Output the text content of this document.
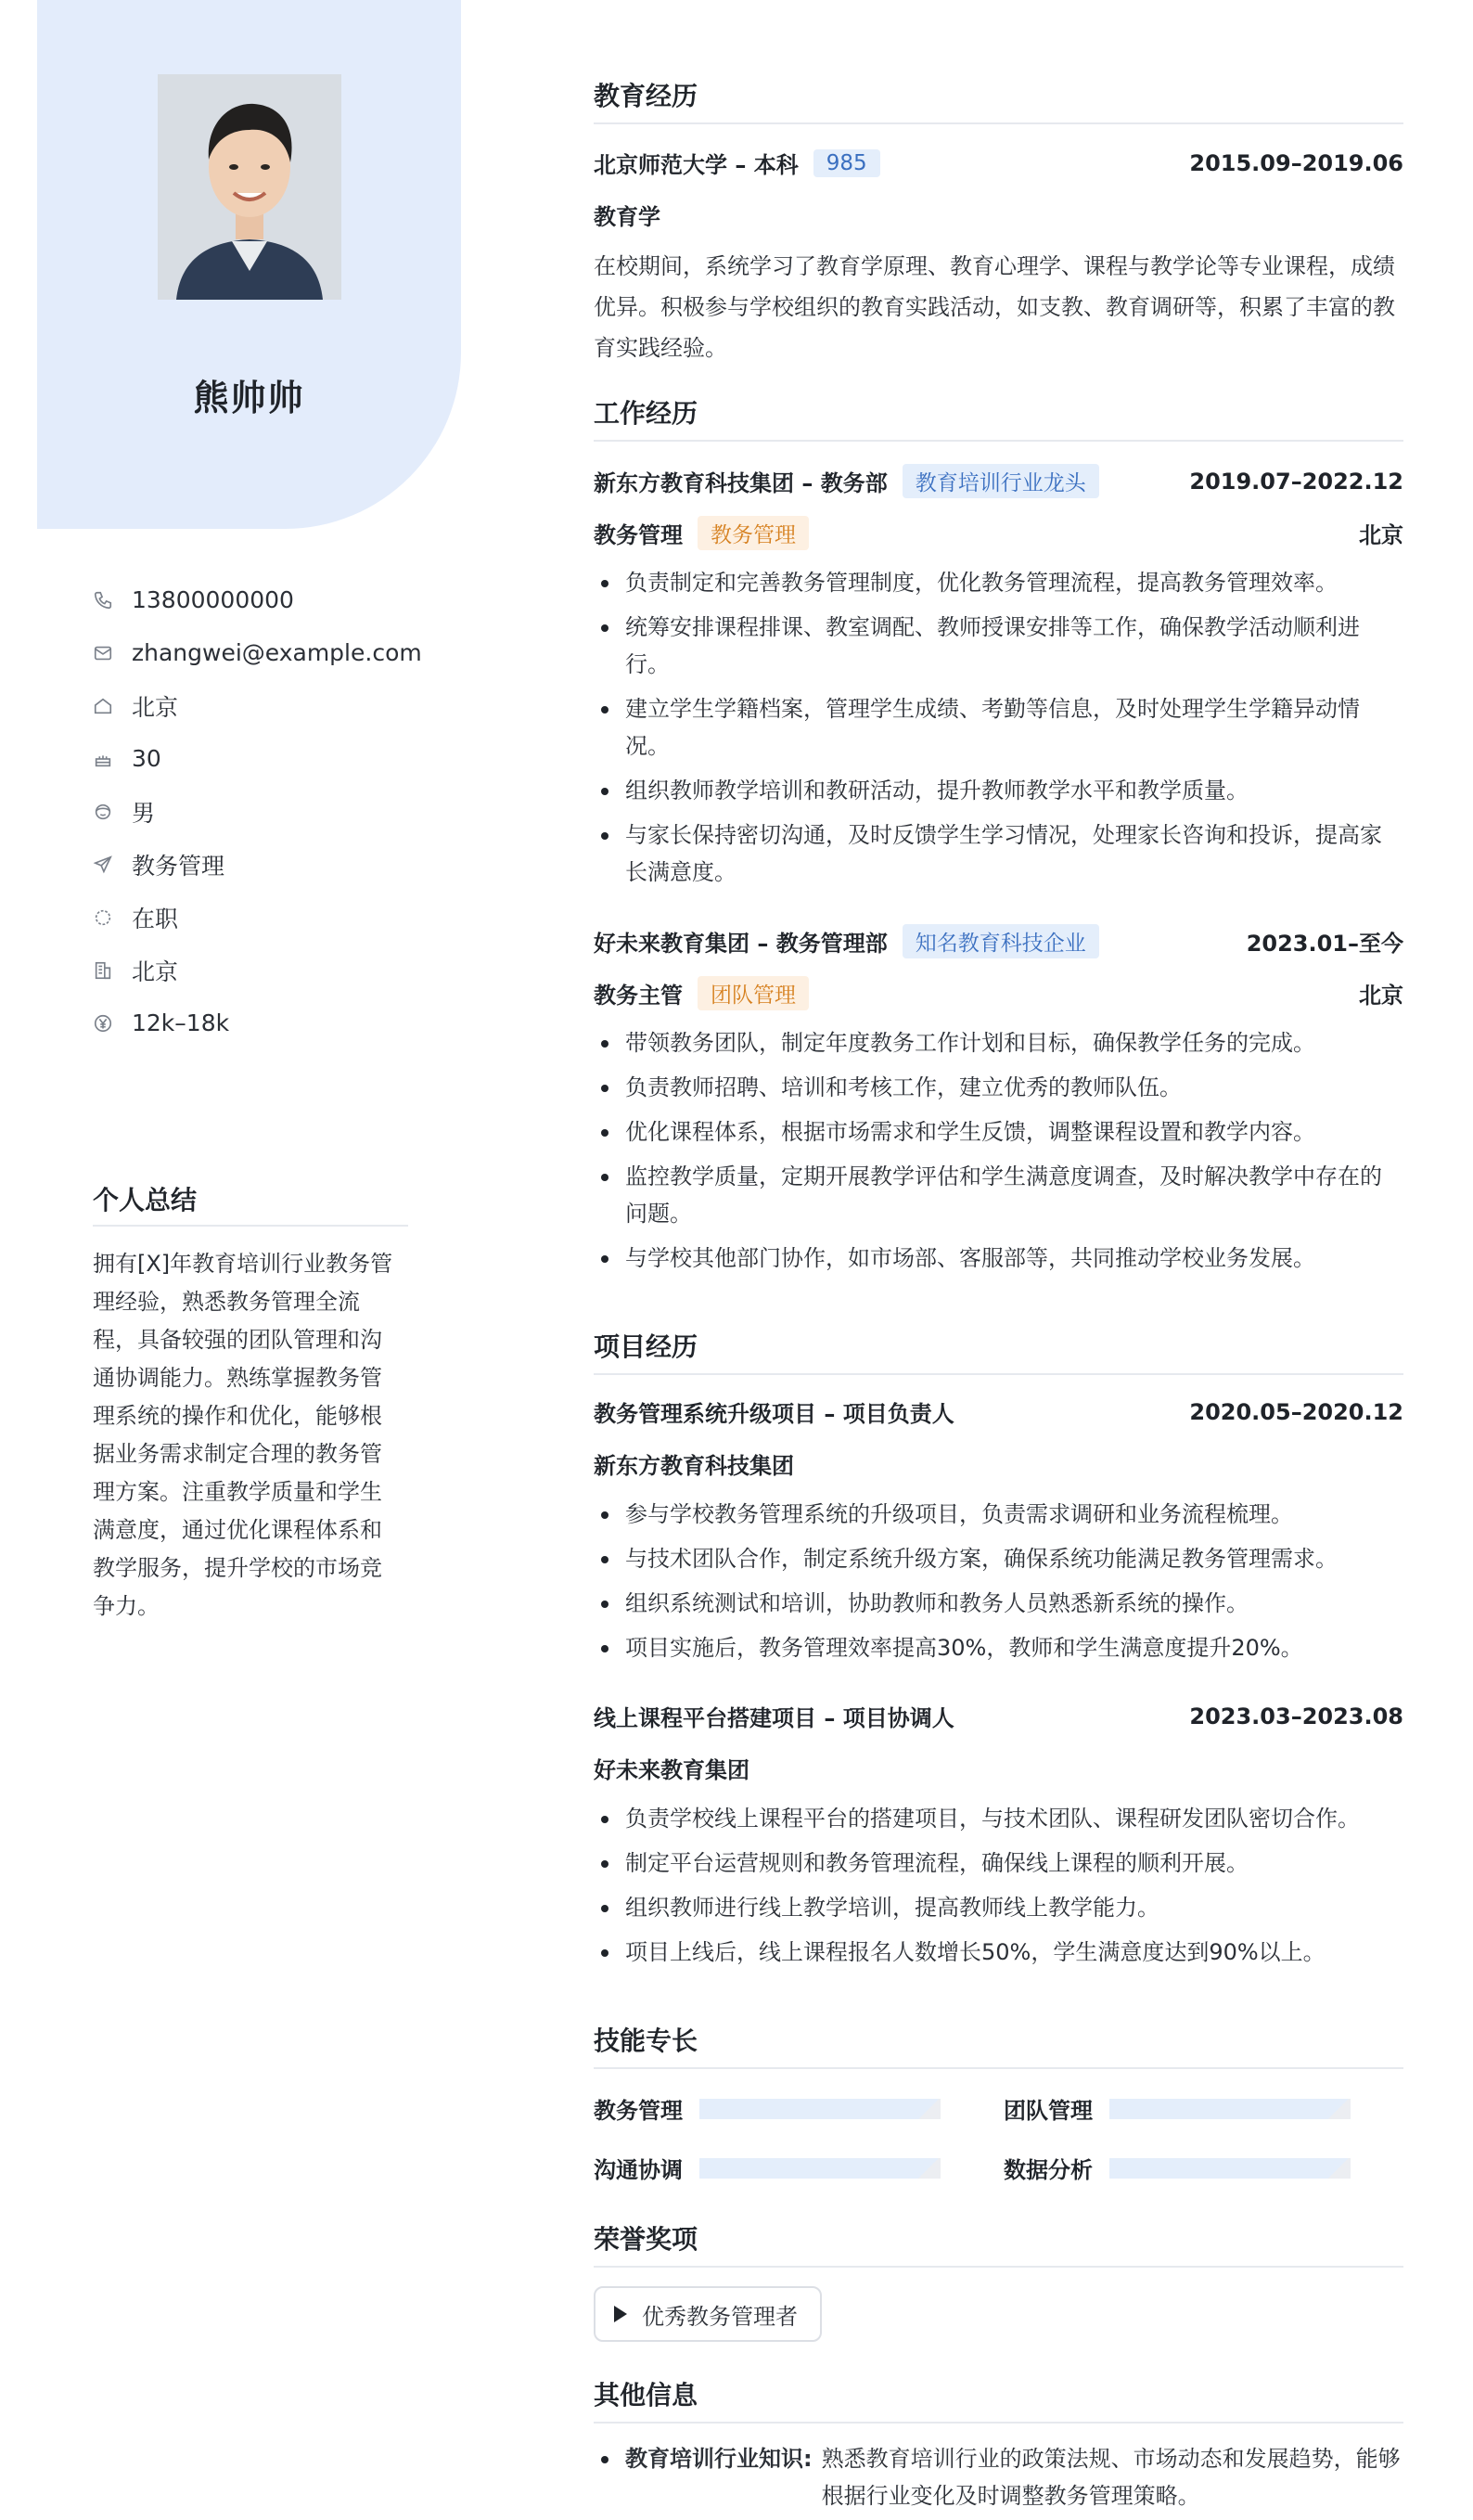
熊帅帅
13800000000
zhangwei@example.com
北京
30
男
教务管理
在职
北京
12k–18k
个人总结
拥有[X]年教育培训行业教务管理经验，熟悉教务管理全流程，具备较强的团队管理和沟通协调能力。熟练掌握教务管理系统的操作和优化，能够根据业务需求制定合理的教务管理方案。注重教学质量和学生满意度，通过优化课程体系和教学服务，提升学校的市场竞争力。
教育经历
北京师范大学 – 本科	985	2015.09–2019.06
教育学
在校期间，系统学习了教育学原理、教育心理学、课程与教学论等专业课程，成绩优异。积极参与学校组织的教育实践活动，如支教、教育调研等，积累了丰富的教育实践经验。
工作经历
新东方教育科技集团 – 教务部	教育培训行业龙头	2019.07–2022.12
教务管理	教务管理	北京
负责制定和完善教务管理制度，优化教务管理流程，提高教务管理效率。
统筹安排课程排课、教室调配、教师授课安排等工作，确保教学活动顺利进行。
建立学生学籍档案，管理学生成绩、考勤等信息，及时处理学生学籍异动情况。
组织教师教学培训和教研活动，提升教师教学水平和教学质量。
与家长保持密切沟通，及时反馈学生学习情况，处理家长咨询和投诉，提高家长满意度。
好未来教育集团 – 教务管理部	知名教育科技企业	2023.01–至今
教务主管	团队管理	北京
带领教务团队，制定年度教务工作计划和目标，确保教学任务的完成。
负责教师招聘、培训和考核工作，建立优秀的教师队伍。
优化课程体系，根据市场需求和学生反馈，调整课程设置和教学内容。
监控教学质量，定期开展教学评估和学生满意度调查，及时解决教学中存在的问题。
与学校其他部门协作，如市场部、客服部等，共同推动学校业务发展。
项目经历
教务管理系统升级项目 – 项目负责人	2020.05–2020.12
新东方教育科技集团
参与学校教务管理系统的升级项目，负责需求调研和业务流程梳理。
与技术团队合作，制定系统升级方案，确保系统功能满足教务管理需求。
组织系统测试和培训，协助教师和教务人员熟悉新系统的操作。
项目实施后，教务管理效率提高30%，教师和学生满意度提升20%。
线上课程平台搭建项目 – 项目协调人	2023.03–2023.08
好未来教育集团
负责学校线上课程平台的搭建项目，与技术团队、课程研发团队密切合作。
制定平台运营规则和教务管理流程，确保线上课程的顺利开展。
组织教师进行线上教学培训，提高教师线上教学能力。
项目上线后，线上课程报名人数增长50%，学生满意度达到90%以上。
技能专长
教务管理	团队管理
沟通协调	数据分析
荣誉奖项
优秀教务管理者
其他信息
教育培训行业知识: 熟悉教育培训行业的政策法规、市场动态和发展趋势，能够根据行业变化及时调整教务管理策略。
